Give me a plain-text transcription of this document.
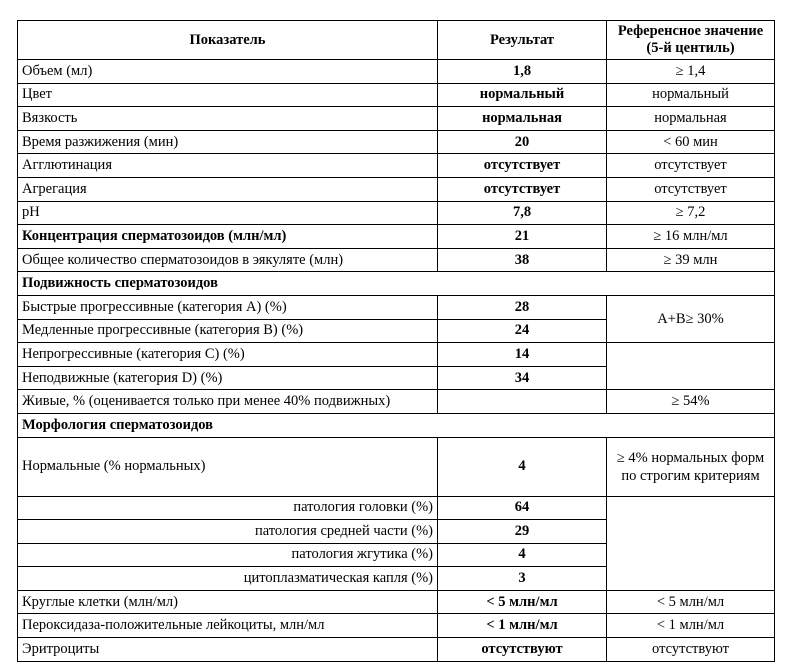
Показатель	Результат	Референсное значение (5-й центиль)
Объем (мл)	1,8	≥ 1,4
Цвет	нормальный	нормальный
Вязкость	нормальная	нормальная
Время разжижения (мин)	20	< 60 мин
Агглютинация	отсутствует	отсутствует
Агрегация	отсутствует	отсутствует
pH	7,8	≥ 7,2
Концентрация сперматозоидов (млн/мл)	21	≥ 16 млн/мл
Общее количество сперматозоидов в эякуляте (млн)	38	≥ 39 млн
Подвижность сперматозоидов		
Быстрые прогрессивные (категория A) (%)	28	A+B≥ 30%
Медленные прогрессивные (категория B) (%)	24	
Непрогрессивные (категория C) (%)	14	
Неподвижные (категория D) (%)	34	
Живые, % (оценивается только при менее 40% подвижных)		≥ 54%
Морфология сперматозоидов		
Нормальные (% нормальных)	4	≥ 4% нормальных форм по строгим критериям
патология головки (%)	64	
патология средней части (%)	29	
патология жгутика (%)	4	
цитоплазматическая капля (%)	3	
Круглые клетки (млн/мл)	< 5 млн/мл	< 5 млн/мл
Пероксидаза-положительные лейкоциты, млн/мл	< 1 млн/мл	< 1 млн/мл
Эритроциты	отсутствуют	отсутствуют
